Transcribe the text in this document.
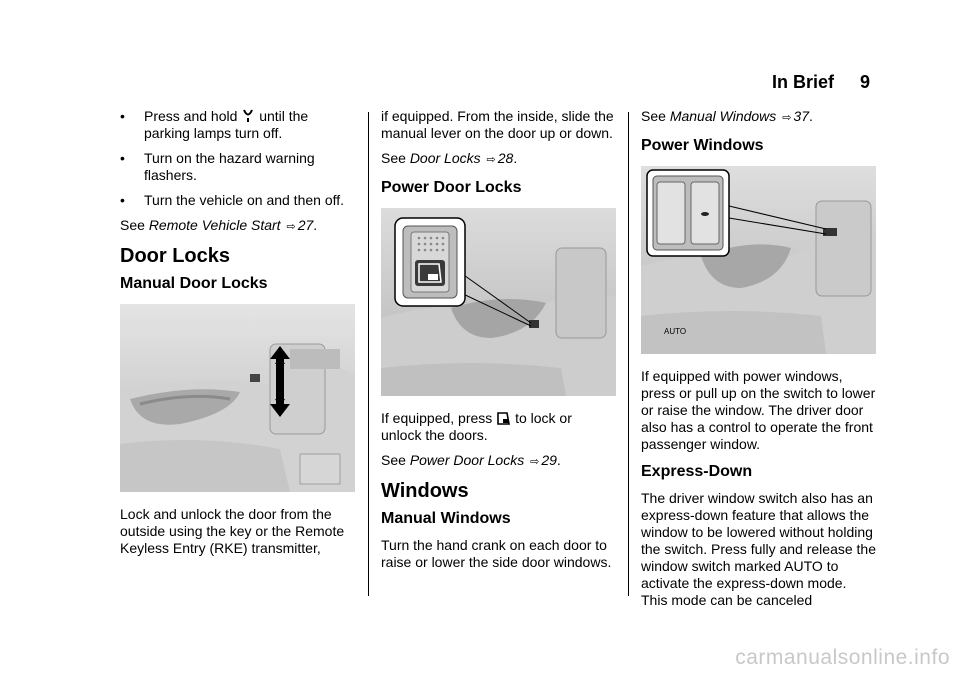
In Brief 9
•	Press and hold until the parking lamps turn off.
•	Turn on the hazard warning flashers.
•	Turn the vehicle on and then off.

See Remote Vehicle Start ⇨ 27.

Door Locks
Manual Door Locks

Lock and unlock the door from the outside using the key or the Remote Keyless Entry (RKE) transmitter,

if equipped. From the inside, slide the manual lever on the door up or down.

See Door Locks ⇨ 28.

Power Door Locks

If equipped, press to lock or unlock the doors.

See Power Door Locks ⇨ 29.

Windows
Manual Windows

Turn the hand crank on each door to raise or lower the side door windows.

See Manual Windows ⇨ 37.

Power Windows
AUTO

If equipped with power windows, press or pull up on the switch to lower or raise the window. The driver door also has a control to operate the front passenger window.

Express-Down

The driver window switch also has an express-down feature that allows the window to be lowered without holding the switch. Press fully and release the window switch marked AUTO to activate the express-down mode. This mode can be canceled

carmanualsonline.info
